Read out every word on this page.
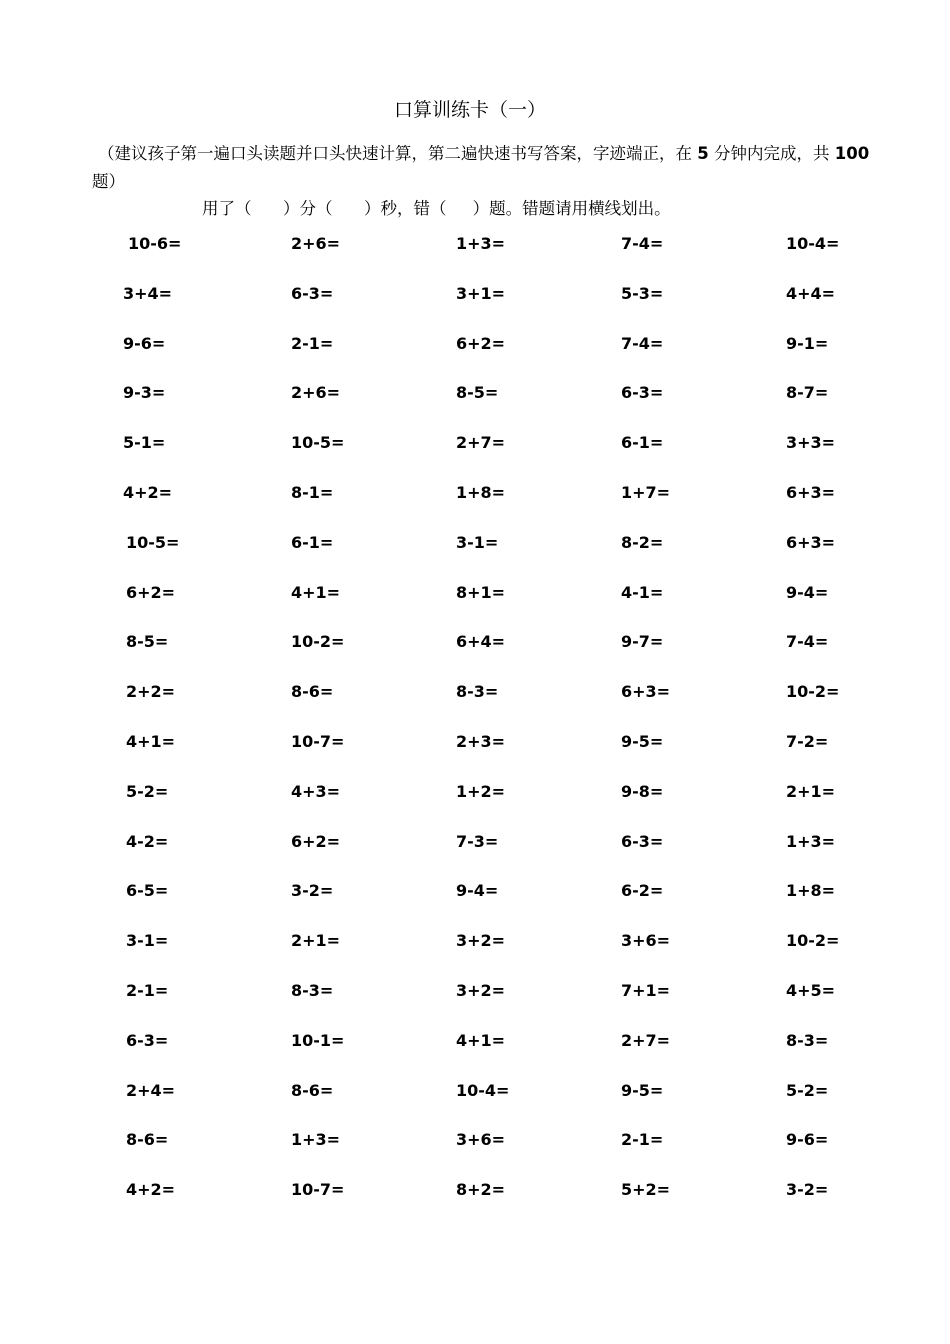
口算训练卡（一）
（建议孩子第一遍口头读题并口头快速计算，第二遍快速书写答案，字迹端正，在 5 分钟内完成，共 100 题）
用了（      ）分（      ）秒，错（     ）题。错题请用横线划出。
10-6=	2+6=	1+3=	7-4=	10-4=
3+4=	6-3=	3+1=	5-3=	4+4=
9-6=	2-1=	6+2=	7-4=	9-1=
9-3=	2+6=	8-5=	6-3=	8-7=
5-1=	10-5=	2+7=	6-1=	3+3=
4+2=	8-1=	1+8=	1+7=	6+3=
10-5=	6-1=	3-1=	8-2=	6+3=
6+2=	4+1=	8+1=	4-1=	9-4=
8-5=	10-2=	6+4=	9-7=	7-4=
2+2=	8-6=	8-3=	6+3=	10-2=
4+1=	10-7=	2+3=	9-5=	7-2=
5-2=	4+3=	1+2=	9-8=	2+1=
4-2=	6+2=	7-3=	6-3=	1+3=
6-5=	3-2=	9-4=	6-2=	1+8=
3-1=	2+1=	3+2=	3+6=	10-2=
2-1=	8-3=	3+2=	7+1=	4+5=
6-3=	10-1=	4+1=	2+7=	8-3=
2+4=	8-6=	10-4=	9-5=	5-2=
8-6=	1+3=	3+6=	2-1=	9-6=
4+2=	10-7=	8+2=	5+2=	3-2=
